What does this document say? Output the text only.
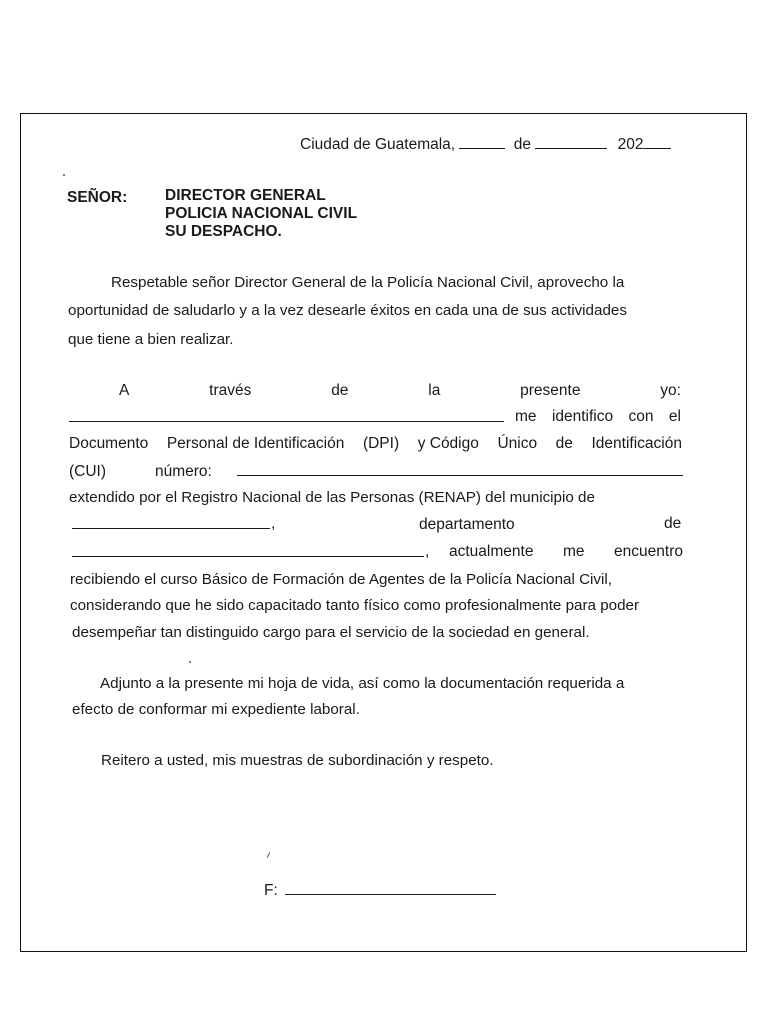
Ciudad de Guatemala,	de	202
SEÑOR: DIRECTOR GENERAL
POLICIA NACIONAL CIVIL
SU DESPACHO.
Respetable señor Director General de la Policía Nacional Civil, aprovecho la
oportunidad de saludarlo y a la vez desearle éxitos en cada una de sus actividades
que tiene a bien realizar.
A	través	de	la	presente	yo:
me identifico con el
Documento Personal de Identificación (DPI) y Código Único de Identificación
(CUI)	número:
extendido por el Registro Nacional de las Personas (RENAP) del municipio de
,	departamento	de
, actualmente me encuentro
recibiendo el curso Básico de Formación de Agentes de la Policía Nacional Civil,
considerando que he sido capacitado tanto físico como profesionalmente para poder
desempeñar tan distinguido cargo para el servicio de la sociedad en general.
Adjunto a la presente mi hoja de vida, así como la documentación requerida a
efecto de conformar mi expediente laboral.
Reitero a usted, mis muestras de subordinación y respeto.
F:
